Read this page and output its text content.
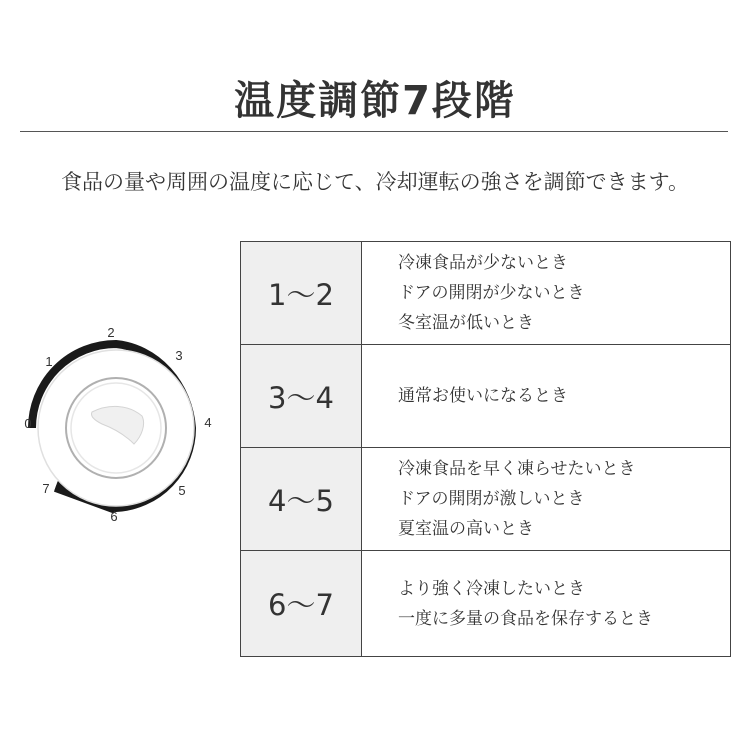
温度調節7段階
食品の量や周囲の温度に応じて、冷却運転の強さを調節できます。
0
1
2
3
4
5
6
7
1～2
冷凍食品が少ないとき
ドアの開閉が少ないとき
冬室温が低いとき
3～4	通常お使いになるとき
4～5
冷凍食品を早く凍らせたいとき
ドアの開閉が激しいとき
夏室温の高いとき
6～7	より強く冷凍したいとき
一度に多量の食品を保存するとき
